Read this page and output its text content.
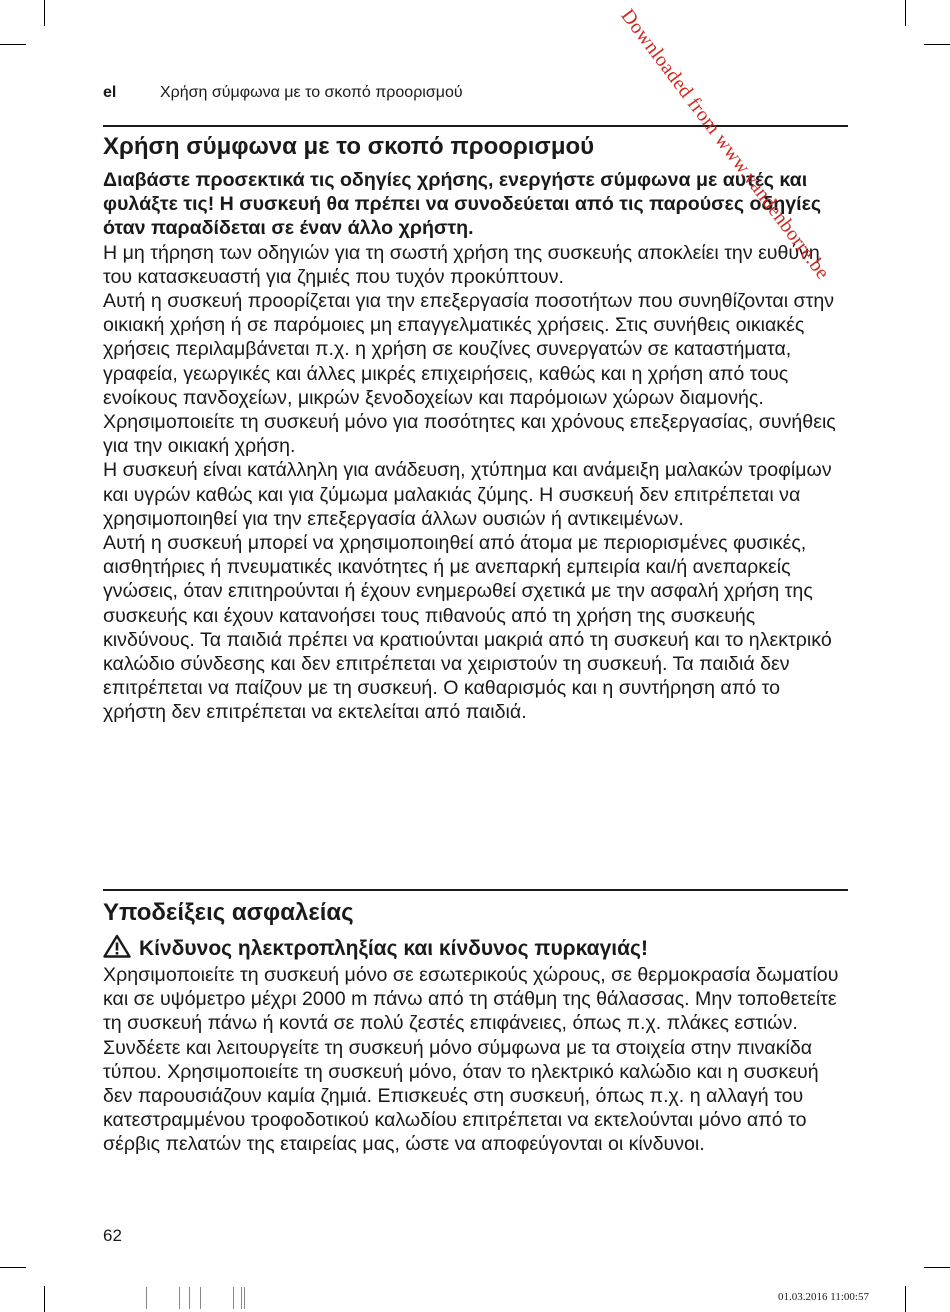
el	Χρήση σύμφωνα με το σκοπό προορισμού
Χρήση σύμφωνα με το σκοπό προορισμού

Διαβάστε προσεκτικά τις οδηγίες χρήσης, ενεργήστε σύμφωνα με αυτές και φυλάξτε τις! Η συσκευή θα πρέπει να συνοδεύεται από τις παρούσες οδηγίες όταν παραδίδεται σε έναν άλλο χρήστη.

Η μη τήρηση των οδηγιών για τη σωστή χρήση της συσκευής αποκλείει την ευθύνη του κατασκευαστή για ζημιές που τυχόν προκύπτουν.

Αυτή η συσκευή προορίζεται για την επεξεργασία ποσοτήτων που συνηθίζονται στην οικιακή χρήση ή σε παρόμοιες μη επαγγελματικές χρήσεις. Στις συνήθεις οικιακές χρήσεις περιλαμβάνεται π.χ. η χρήση σε κουζίνες συνεργατών σε καταστήματα, γραφεία, γεωργικές και άλλες μικρές επιχειρήσεις, καθώς και η χρήση από τους ενοίκους πανδοχείων, μικρών ξενοδοχείων και παρόμοιων χώρων διαμονής.

Χρησιμοποιείτε τη συσκευή μόνο για ποσότητες και χρόνους επεξεργασίας, συνήθεις για την οικιακή χρήση.

Η συσκευή είναι κατάλληλη για ανάδευση, χτύπημα και ανάμειξη μαλακών τροφίμων και υγρών καθώς και για ζύμωμα μαλακιάς ζύμης. Η συσκευή δεν επιτρέπεται να χρησιμοποιηθεί για την επεξεργασία άλλων ουσιών ή αντικειμένων.

Αυτή η συσκευή μπορεί να χρησιμοποιηθεί από άτομα με περιορισμένες φυσικές, αισθητήριες ή πνευματικές ικανότητες ή με ανεπαρκή εμπειρία και/ή ανεπαρκείς γνώσεις, όταν επιτηρούνται ή έχουν ενημερωθεί σχετικά με την ασφαλή χρήση της συσκευής και έχουν κατανοήσει τους πιθανούς από τη χρήση της συσκευής κινδύνους. Τα παιδιά πρέπει να κρατιούνται μακριά από τη συσκευή και το ηλεκτρικό καλώδιο σύνδεσης και δεν επιτρέπεται να χειριστούν τη συσκευή. Τα παιδιά δεν επιτρέπεται να παίζουν με τη συσκευή. Ο καθαρισμός και η συντήρηση από το χρήστη δεν επιτρέπεται να εκτελείται από παιδιά.

Υποδείξεις ασφαλείας
Κίνδυνος ηλεκτροπληξίας και κίνδυνος πυρκαγιάς!

Χρησιμοποιείτε τη συσκευή μόνο σε εσωτερικούς χώρους, σε θερμοκρασία δωματίου και σε υψόμετρο μέχρι 2000 m πάνω από τη στάθμη της θάλασσας. Μην τοποθετείτε τη συσκευή πάνω ή κοντά σε πολύ ζεστές επιφάνειες, όπως π.χ. πλάκες εστιών.

Συνδέετε και λειτουργείτε τη συσκευή μόνο σύμφωνα με τα στοιχεία στην πινακίδα τύπου. Χρησιμοποιείτε τη συσκευή μόνο, όταν το ηλεκτρικό καλώδιο και η συσκευή δεν παρουσιάζουν καμία ζημιά. Επισκευές στη συσκευή, όπως π.χ. η αλλαγή του κατεστραμμένου τροφοδοτικού καλωδίου επιτρέπεται να εκτελούνται μόνο από το σέρβις πελατών της εταιρείας μας, ώστε να αποφεύγονται οι κίνδυνοι.

62
01.03.2016 11:00:57
Downloaded from www.vandenborre.be
